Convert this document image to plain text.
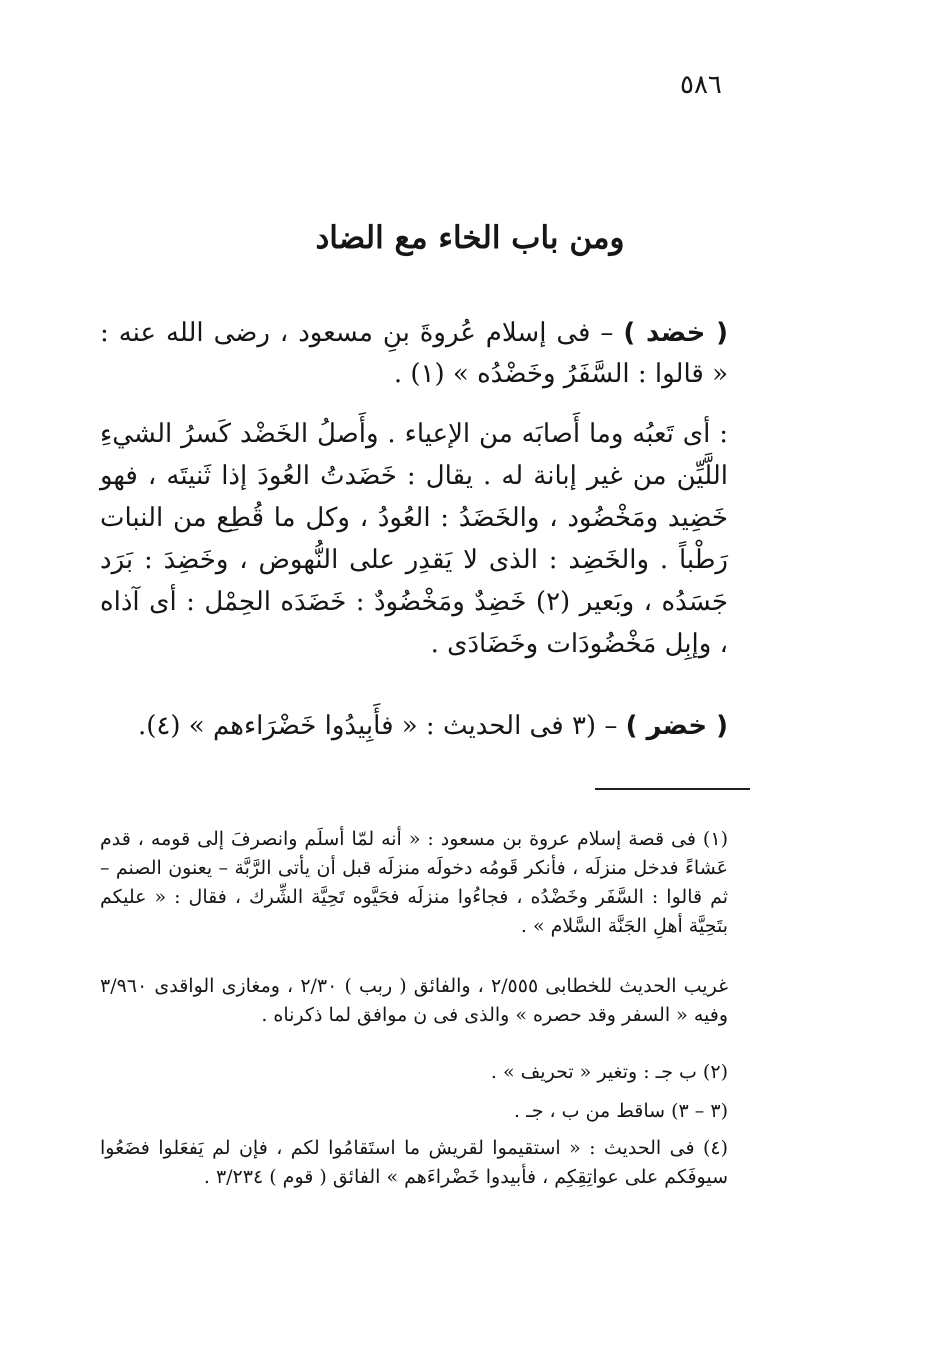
٥٨٦
ومن باب الخاء مع الضاد
( خضد ) – فى إسلام عُروةَ بنِ مسعود ، رضى الله عنه : « قالوا : السَّفَرُ وخَضْدُه » (١) .
: أى تَعبُه وما أَصابَه من الإعياء . وأَصلُ الخَضْد كَسرُ الشيءِ اللَّيِّن من غير إبانة له . يقال : خَضَدتُ العُودَ إذا ثَنيتَه ، فهو خَضِيد ومَخْضُود ، والخَضَدُ : العُودُ ، وكل ما قُطِع من النبات رَطْباً . والخَضِد : الذى لا يَقدِر على النُّهوض ، وخَضِدَ : بَرَد جَسَدُه ، وبَعير (٢) خَضِدٌ ومَخْضُودٌ : خَضَدَه الحِمْل : أى آذاه ، وإبِل مَخْضُودَات وخَضَادَى .
( خضر ) – (٣ فى الحديث : « فأَبِيدُوا خَضْرَاءهم » (٤).
(١) فى قصة إسلام عروة بن مسعود : « أنه لمّا أسلَم وانصرفَ إلى قومه ، قدم عَشاءً فدخل منزلَه ، فأنكر قَومُه دخولَه منزلَه قبل أن يأتى الرَّبَّة – يعنون الصنم – ثم قالوا : السَّفَر وخَضْدُه ، فجاءُوا منزلَه فحَيَّوه تَحِيَّة الشِّرك ، فقال : « عليكم بتَحِيَّة أهلِ الجَنَّة السَّلام » .
غريب الحديث للخطابى ٢/٥٥٥ ، والفائق ( ربب ) ٢/٣٠ ، ومغازى الواقدى ٣/٩٦٠ وفيه « السفر وقد حصره » والذى فى ن موافق لما ذكرناه .
(٢) ب جـ : وتغير « تحريف » .
(٣ – ٣) ساقط من ب ، جـ .
(٤) فى الحديث : « استقيموا لقريش ما استَقامُوا لكم ، فإن لم يَفعَلوا فضَعُوا سيوفَكم على عواتِقِكِم ، فأبيدوا خَضْراءَهم » الفائق ( قوم ) ٣/٢٣٤ .
